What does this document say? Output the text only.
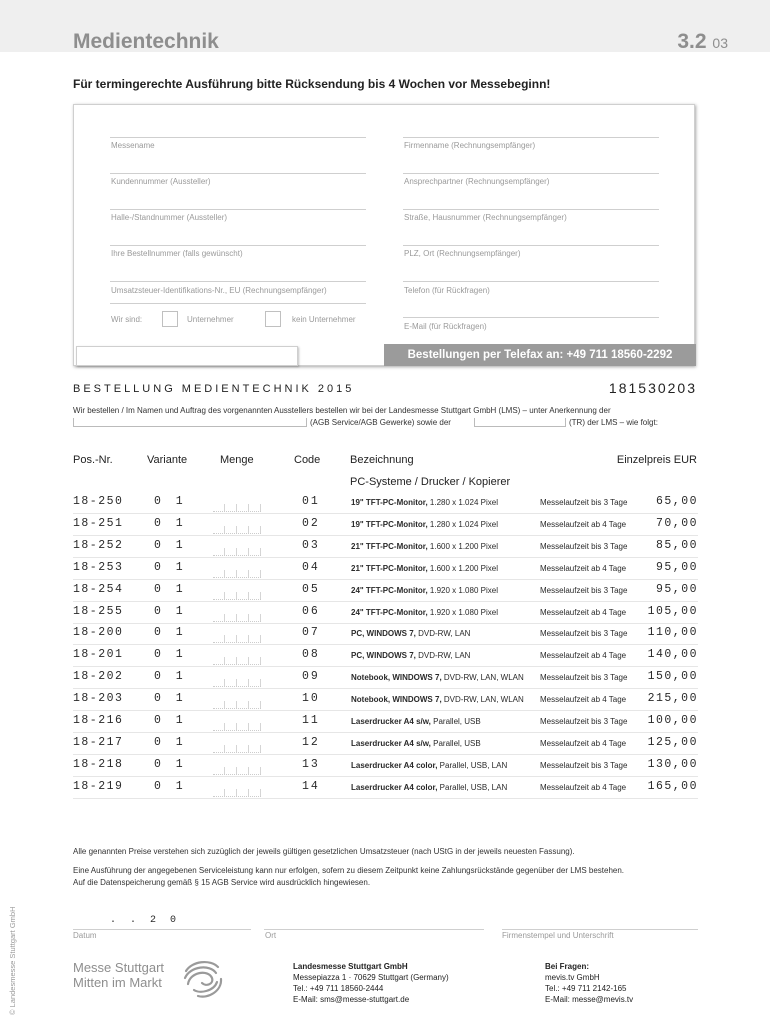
Medientechnik	3.2 03
Für termingerechte Ausführung bitte Rücksendung bis 4 Wochen vor Messebeginn!
Messename
Kundennummer (Aussteller)
Halle-/Standnummer (Aussteller)
Ihre Bestellnummer (falls gewünscht)
Umsatzsteuer-Identifikations-Nr., EU (Rechnungsempfänger)
Wir sind:	Unternehmer	kein Unternehmer
Firmenname (Rechnungsempfänger)
Ansprechpartner (Rechnungsempfänger)
Straße, Hausnummer (Rechnungsempfänger)
PLZ, Ort (Rechnungsempfänger)
Telefon (für Rückfragen)
E-Mail (für Rückfragen)
Bestellungen per Telefax an: +49 711 18560-2292
BESTELLUNG MEDIENTECHNIK 2015	181530203
Wir bestellen / Im Namen und Auftrag des vorgenannten Ausstellers bestellen wir bei der Landesmesse Stuttgart GmbH (LMS) – unter Anerkennung der
(AGB Service/AGB Gewerke) sowie der	(TR) der LMS – wie folgt:
Pos.-Nr.	Variante	Menge	Code	Bezeichnung	Einzelpreis EUR
PC-Systeme / Drucker / Kopierer
18-250	0 1	01	19" TFT-PC-Monitor, 1.280 x 1.024 Pixel	Messelaufzeit bis 3 Tage 65,00
18-251	0 1	02	19" TFT-PC-Monitor, 1.280 x 1.024 Pixel	Messelaufzeit ab 4 Tage	70,00
18-252	0 1	03	21" TFT-PC-Monitor, 1.600 x 1.200 Pixel	Messelaufzeit bis 3 Tage 85,00
18-253	0 1	04	21" TFT-PC-Monitor, 1.600 x 1.200 Pixel	Messelaufzeit ab 4 Tage	95,00
18-254	0 1	05	24" TFT-PC-Monitor, 1.920 x 1.080 Pixel	Messelaufzeit bis 3 Tage 95,00
18-255	0 1	06	24" TFT-PC-Monitor, 1.920 x 1.080 Pixel	Messelaufzeit ab 4 Tage 105,00
18-200	0 1	07	PC, WINDOWS 7, DVD-RW, LAN	Messelaufzeit bis 3 Tage 110,00
18-201	0 1	08	PC, WINDOWS 7, DVD-RW, LAN	Messelaufzeit ab 4 Tage 140,00
18-202	0 1	09	Notebook, WINDOWS 7, DVD-RW, LAN, WLAN Messelaufzeit bis 3 Tage 150,00
18-203	0 1	10	Notebook, WINDOWS 7, DVD-RW, LAN, WLAN Messelaufzeit ab 4 Tage 215,00
18-216	0 1	11	Laserdrucker A4 s/w, Parallel, USB	Messelaufzeit bis 3 Tage 100,00
18-217	0 1	12	Laserdrucker A4 s/w, Parallel, USB	Messelaufzeit ab 4 Tage 125,00
18-218	0 1	13	Laserdrucker A4 color, Parallel, USB, LAN	Messelaufzeit bis 3 Tage 130,00
18-219	0 1	14	Laserdrucker A4 color, Parallel, USB, LAN	Messelaufzeit ab 4 Tage 165,00
Alle genannten Preise verstehen sich zuzüglich der jeweils gültigen gesetzlichen Umsatzsteuer (nach UStG in der jeweils neuesten Fassung).
Eine Ausführung der angegebenen Serviceleistung kann nur erfolgen, sofern zu diesem Zeitpunkt keine Zahlungsrückstände gegenüber der LMS bestehen.
Auf die Datenspeicherung gemäß § 15 AGB Service wird ausdrücklich hingewiesen.
. . 2 0
Datum	Ort	Firmenstempel und Unterschrift
© Landesmesse Stuttgart GmbH	Messe Stuttgart
Mitten im Markt
Landesmesse Stuttgart GmbH
Messepiazza 1 · 70629 Stuttgart (Germany)
Tel.: +49 711 18560-2444
E-Mail: sms@messe-stuttgart.de
Bei Fragen:
mevis.tv GmbH
Tel.: +49 711 2142-165
E-Mail: messe@mevis.tv
